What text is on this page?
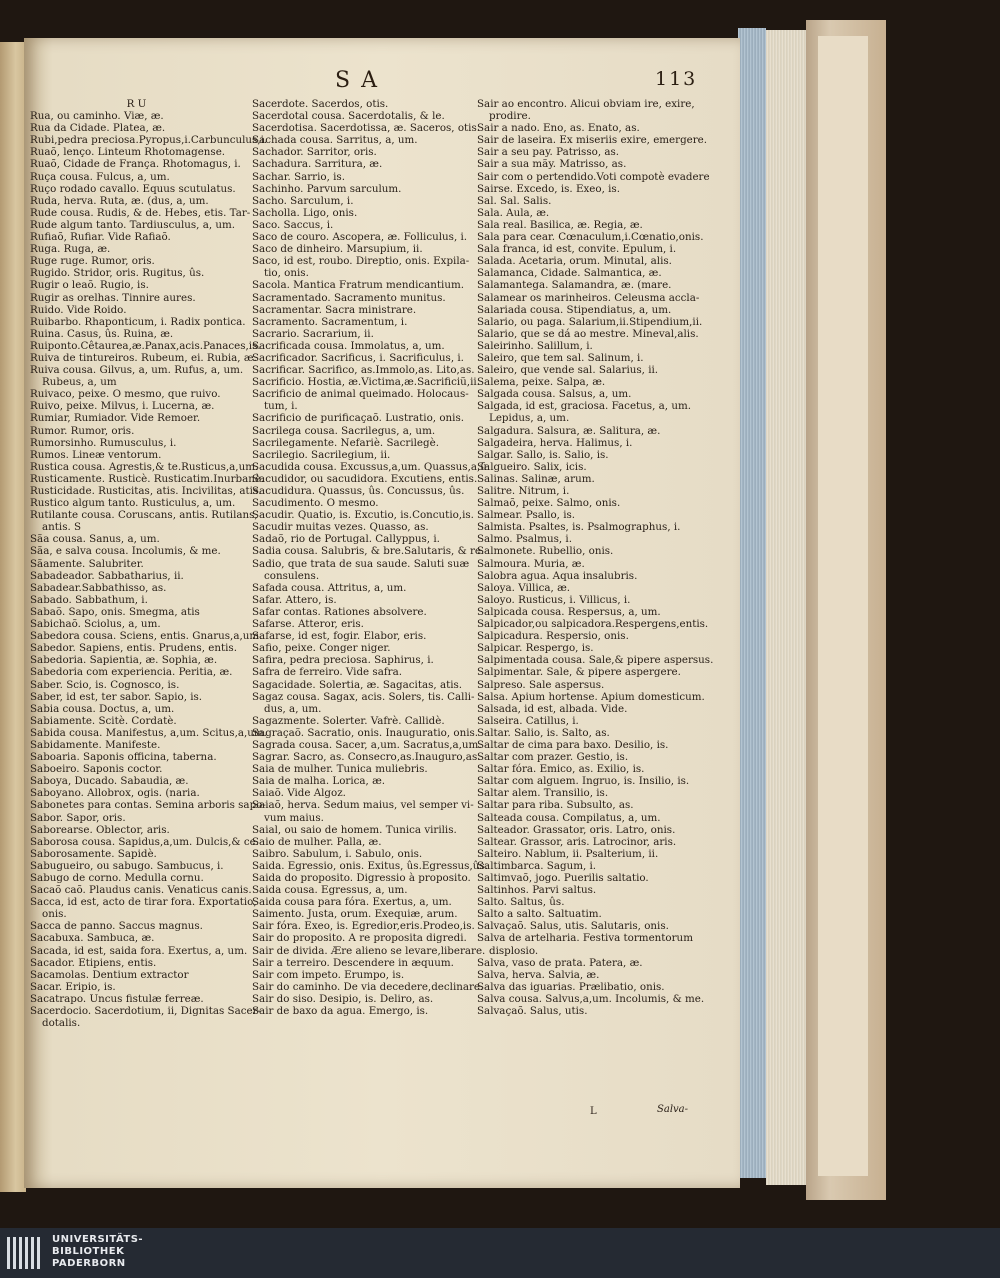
S A	113
R U
Rua, ou caminho. Viæ, æ.
Rua da Cidade. Platea, æ.
Rubi,pedra preciosa.Pyropus,i.Carbunculus,i.
Ruaõ, lenço. Linteum Rhotomagense.
Ruaõ, Cidade de França. Rhotomagus, i.
Ruça cousa. Fulcus, a, um.
Ruço rodado cavallo. Equus scutulatus.
Ruda, herva. Ruta, æ. (dus, a, um.
Rude cousa. Rudis, & de. Hebes, etis. Tar-
Rude algum tanto. Tardiusculus, a, um.
Rufiaõ, Rufiar. Vide Rafiaõ.
Ruga. Ruga, æ.
Ruge ruge. Rumor, oris.
Rugido. Stridor, oris. Rugitus, ûs.
Rugir o leaõ. Rugio, is.
Rugir as orelhas. Tinnire aures.
Ruido. Vide Roido.
Ruibarbo. Rhaponticum, i. Radix pontica.
Ruina. Casus, ûs. Ruina, æ.
Ruiponto.Cêtaurea,æ.Panax,acis.Panaces,is.
Ruiva de tintureiros. Rubeum, ei. Rubia, æ.
Ruiva cousa. Gilvus, a, um. Rufus, a, um.
Rubeus, a, um
Ruivaco, peixe. O mesmo, que ruivo.
Ruivo, peixe. Milvus, i. Lucerna, æ.
Rumiar, Rumiador. Vide Remoer.
Rumor. Rumor, oris.
Rumorsinho. Rumusculus, i.
Rumos. Lineæ ventorum.
Rustica cousa. Agrestis,& te.Rusticus,a,um.
Rusticamente. Rusticè. Rusticatim.Inurbanè.
Rusticidade. Rusticitas, atis. Incivilitas, atis.
Rustico algum tanto. Rusticulus, a, um.
Rutilante cousa. Coruscans, antis. Rutilans,
antis. S
Sãa cousa. Sanus, a, um.
Sãa, e salva cousa. Incolumis, & me.
Sãamente. Salubriter.
Sabadeador. Sabbatharius, ii.
Sabadear.Sabbathisso, as.
Sabado. Sabbathum, i.
Sabaõ. Sapo, onis. Smegma, atis
Sabichaõ. Sciolus, a, um.
Sabedora cousa. Sciens, entis. Gnarus,a,um.
Sabedor. Sapiens, entis. Prudens, entis.
Sabedoria. Sapientia, æ. Sophia, æ.
Sabedoria com experiencia. Peritia, æ.
Saber. Scio, is. Cognosco, is.
Saber, id est, ter sabor. Sapio, is.
Sabia cousa. Doctus, a, um.
Sabiamente. Scitè. Cordatè.
Sabida cousa. Manifestus, a,um. Scitus,a,um.
Sabidamente. Manifeste.
Saboaria. Saponis officina, taberna.
Saboeiro. Saponis coctor.
Saboya, Ducado. Sabaudia, æ.
Saboyano. Allobrox, ogis. (naria.
Sabonetes para contas. Semina arboris sapo-
Sabor. Sapor, oris.
Saborearse. Oblector, aris.
Saborosa cousa. Sapidus,a,um. Dulcis,& ce.
Saborosamente. Sapidè.
Sabugueiro, ou sabugo. Sambucus, i.
Sabugo de corno. Medulla cornu.
Sacaõ caõ. Plaudus canis. Venaticus canis.
Sacca, id est, acto de tirar fora. Exportatio,
onis.
Sacca de panno. Saccus magnus.
Sacabuxa. Sambuca, æ.
Sacada, id est, saida fora. Exertus, a, um.
Sacador. Etipiens, entis.
Sacamolas. Dentium extractor
Sacar. Eripio, is.
Sacatrapo. Uncus fistulæ ferreæ.
Sacerdocio. Sacerdotium, ii, Dignitas Sacer-
dotalis.
Sacerdote. Sacerdos, otis.
Sacerdotal cousa. Sacerdotalis, & le.
Sacerdotisa. Sacerdotissa, æ. Saceros, otis.
Sachada cousa. Sarritus, a, um.
Sachador. Sarritor, oris.
Sachadura. Sarritura, æ.
Sachar. Sarrio, is.
Sachinho. Parvum sarculum.
Sacho. Sarculum, i.
Sacholla. Ligo, onis.
Saco. Saccus, i.
Saco de couro. Ascopera, æ. Folliculus, i.
Saco de dinheiro. Marsupium, ii.
Saco, id est, roubo. Direptio, onis. Expila-
tio, onis.
Sacola. Mantica Fratrum mendicantium.
Sacramentado. Sacramento munitus.
Sacramentar. Sacra ministrare.
Sacramento. Sacramentum, i.
Sacrario. Sacrarium, ii.
Sacrificada cousa. Immolatus, a, um.
Sacrificador. Sacrificus, i. Sacrificulus, i.
Sacrificar. Sacrifico, as.Immolo,as. Lito,as.
Sacrificio. Hostia, æ.Victima,æ.Sacrificiũ,ii.
Sacrificio de animal queimado. Holocaus-
tum, i.
Sacrificio de purificaçaõ. Lustratio, onis.
Sacrilega cousa. Sacrilegus, a, um.
Sacrilegamente. Nefariè. Sacrilegè.
Sacrilegio. Sacrilegium, ii.
Sacudida cousa. Excussus,a,um. Quassus,a,ũ.
Sacudidor, ou sacudidora. Excutiens, entis.
Sacudidura. Quassus, ûs. Concussus, ûs.
Sacudimento. O mesmo.
Sacudir. Quatio, is. Excutio, is.Concutio,is.
Sacudir muitas vezes. Quasso, as.
Sadaõ, rio de Portugal. Callyppus, i.
Sadia cousa. Salubris, & bre.Salutaris, & re.
Sadio, que trata de sua saude. Saluti suæ
consulens.
Safada cousa. Attritus, a, um.
Safar. Attero, is.
Safar contas. Rationes absolvere.
Safarse. Atteror, eris.
Safarse, id est, fogir. Elabor, eris.
Safio, peixe. Conger niger.
Safira, pedra preciosa. Saphirus, i.
Safra de ferreiro. Vide safra.
Sagacidade. Solertia, æ. Sagacitas, atis.
Sagaz cousa. Sagax, acis. Solers, tis. Calli-
dus, a, um.
Sagazmente. Solerter. Vafrè. Callidè.
Sagraçaõ. Sacratio, onis. Inauguratio, onis.
Sagrada cousa. Sacer, a,um. Sacratus,a,um.
Sagrar. Sacro, as. Consecro,as.Inauguro,as.
Saia de mulher. Tunica muliebris.
Saia de malha. Lorica, æ.
Saiaõ. Vide Algoz.
Saiaõ, herva. Sedum maius, vel semper vi-
vum maius.
Saial, ou saio de homem. Tunica virilis.
Saio de mulher. Palla, æ.
Saibro. Sabulum, i. Sabulo, onis.
Saida. Egressio, onis. Exitus, ûs.Egressus,ûs.
Saida do proposito. Digressio à proposito.
Saida cousa. Egressus, a, um.
Saida cousa para fóra. Exertus, a, um.
Saimento. Justa, orum. Exequiæ, arum.
Sair fóra. Exeo, is. Egredior,eris.Prodeo,is.
Sair do proposito. A re proposita digredi.
Sair de divida. Ære alieno se levare,liberare.
Sair a terreiro. Descendere in æquum.
Sair com impeto. Erumpo, is.
Sair do caminho. De via decedere,declinare.
Sair do siso. Desipio, is. Deliro, as.
Sair de baxo da agua. Emergo, is.
Sair ao encontro. Alicui obviam ire, exire,
prodire.
Sair a nado. Eno, as. Enato, as.
Sair de laseira. Ex miseriis exire, emergere.
Sair a seu pay. Patrisso, as.
Sair a sua mãy. Matrisso, as.
Sair com o pertendido.Voti compotè evadere
Sairse. Excedo, is. Exeo, is.
Sal. Sal. Salis.
Sala. Aula, æ.
Sala real. Basilica, æ. Regia, æ.
Sala para cear. Cœnaculum,i.Cœnatio,onis.
Sala franca, id est, convite. Epulum, i.
Salada. Acetaria, orum. Minutal, alis.
Salamanca, Cidade. Salmantica, æ.
Salamantega. Salamandra, æ. (mare.
Salamear os marinheiros. Celeusma accla-
Salariada cousa. Stipendiatus, a, um.
Salario, ou paga. Salarium,ii.Stipendium,ii.
Salario, que se dá ao mestre. Mineval,alis.
Saleirinho. Salillum, i.
Saleiro, que tem sal. Salinum, i.
Saleiro, que vende sal. Salarius, ii.
Salema, peixe. Salpa, æ.
Salgada cousa. Salsus, a, um.
Salgada, id est, graciosa. Facetus, a, um.
Lepidus, a, um.
Salgadura. Salsura, æ. Salitura, æ.
Salgadeira, herva. Halimus, i.
Salgar. Sallo, is. Salio, is.
Salgueiro. Salix, icis.
Salinas. Salinæ, arum.
Salitre. Nitrum, i.
Salmaõ, peixe. Salmo, onis.
Salmear. Psallo, is.
Salmista. Psaltes, is. Psalmographus, i.
Salmo. Psalmus, i.
Salmonete. Rubellio, onis.
Salmoura. Muria, æ.
Salobra agua. Aqua insalubris.
Saloya. Villica, æ.
Saloyo. Rusticus, i. Villicus, i.
Salpicada cousa. Respersus, a, um.
Salpicador,ou salpicadora.Respergens,entis.
Salpicadura. Respersio, onis.
Salpicar. Respergo, is.
Salpimentada cousa. Sale,& pipere aspersus.
Salpimentar. Sale, & pipere aspergere.
Salpreso. Sale aspersus.
Salsa. Apium hortense. Apium domesticum.
Salsada, id est, albada. Vide.
Salseira. Catillus, i.
Saltar. Salio, is. Salto, as.
Saltar de cima para baxo. Desilio, is.
Saltar com prazer. Gestio, is.
Saltar fóra. Emico, as. Exilio, is.
Saltar com alguem. Ingruo, is. Insilio, is.
Saltar alem. Transilio, is.
Saltar para riba. Subsulto, as.
Salteada cousa. Compilatus, a, um.
Salteador. Grassator, oris. Latro, onis.
Saltear. Grassor, aris. Latrocinor, aris.
Salteiro. Nablum, ii. Psalterium, ii.
Saltimbarca. Sagum, i.
Saltimvaõ, jogo. Puerilis saltatio.
Saltinhos. Parvi saltus.
Salto. Saltus, ûs.
Salto a salto. Saltuatim.
Salvaçaõ. Salus, utis. Salutaris, onis.
Salva de artelharia. Festiva tormentorum
displosio.
Salva, vaso de prata. Patera, æ.
Salva, herva. Salvia, æ.
Salva das iguarias. Prælibatio, onis.
Salva cousa. Salvus,a,um. Incolumis, & me.
Salvaçaõ. Salus, utis.
L	Salva-
UNIVERSITÄTS-
BIBLIOTHEK
PADERBORN
